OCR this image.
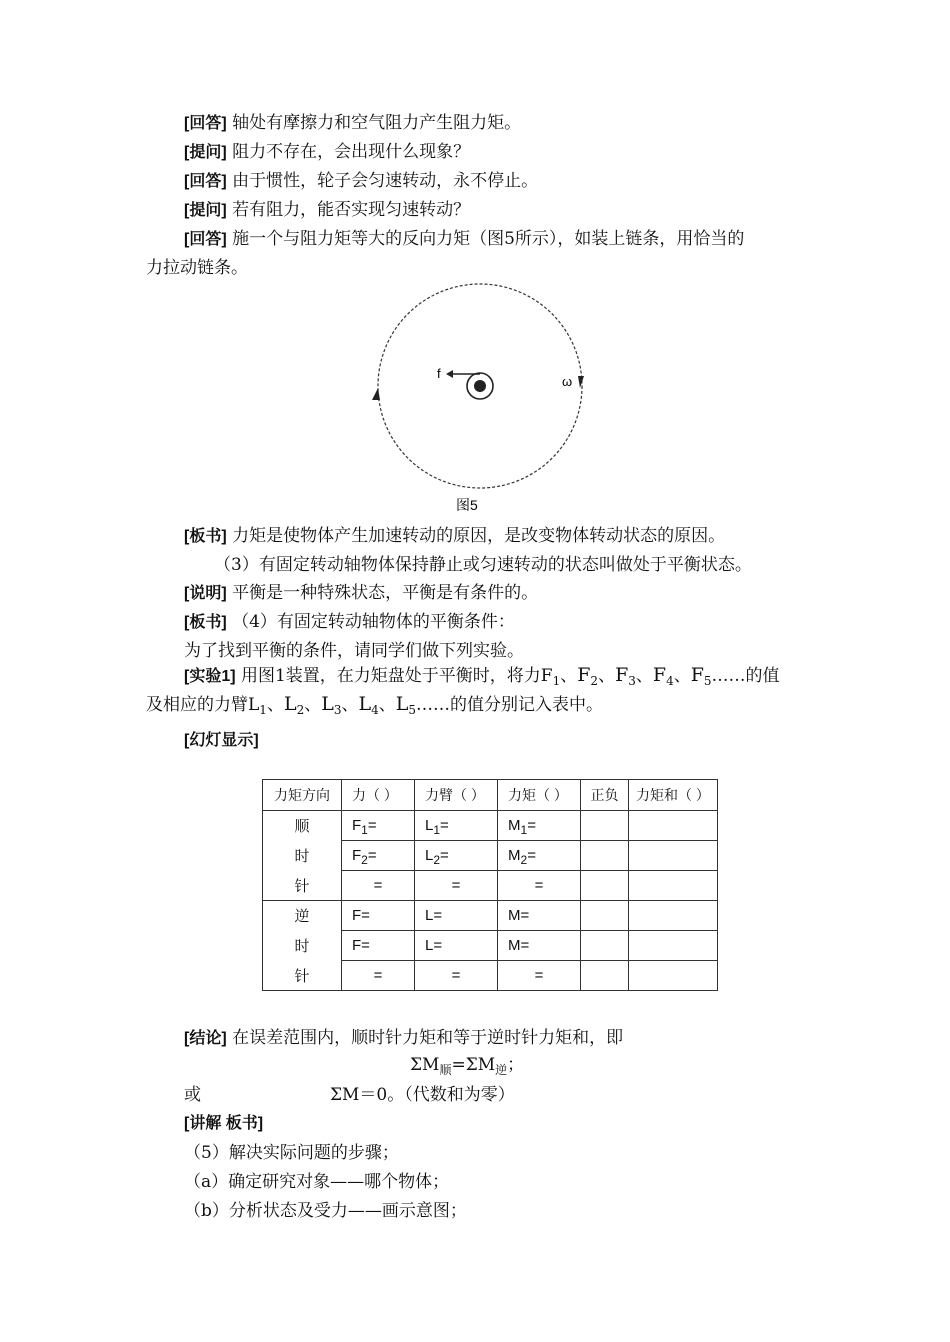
[回答] 轴处有摩擦力和空气阻力产生阻力矩。
[提问] 阻力不存在，会出现什么现象？
[回答] 由于惯性，轮子会匀速转动，永不停止。
[提问] 若有阻力，能否实现匀速转动？
[回答] 施一个与阻力矩等大的反向力矩（图5所示），如装上链条，用恰当的
力拉动链条。
f
ω
图5
[板书] 力矩是使物体产生加速转动的原因，是改变物体转动状态的原因。
（3）有固定转动轴物体保持静止或匀速转动的状态叫做处于平衡状态。
[说明] 平衡是一种特殊状态，平衡是有条件的。
[板书] （4）有固定转动轴物体的平衡条件：
为了找到平衡的条件，请同学们做下列实验。
[实验1] 用图1装置，在力矩盘处于平衡时，将力$F_1$、$F_2$、$F_3$、$F_4$、$F_5\dots\dots$的值
及相应的力臂$L_1$、$L_2$、$L_3$、$L_4$、$L_5\dots\dots$的值分别记入表中。
[幻灯显示]
力矩方向	力（ ）	力臂（ ）	力矩（ ）	正负	力矩和（ ）
顺	$F_1=$	$L_1=$	$M_1=$		
时	$F_2=$	$L_2=$	$M_2=$		
针	=	=	=		
逆	F=	L=	M=		
时	F=	L=	M=		
针	=	=	=		
[结论] 在误差范围内，顺时针力矩和等于逆时针力矩和，即
$\Sigma M_顺=\Sigma M_逆$；
或	ΣM＝0。（代数和为零）
[讲解 板书]
（5）解决实际问题的步骤；
（a）确定研究对象——哪个物体；
（b）分析状态及受力——画示意图；
